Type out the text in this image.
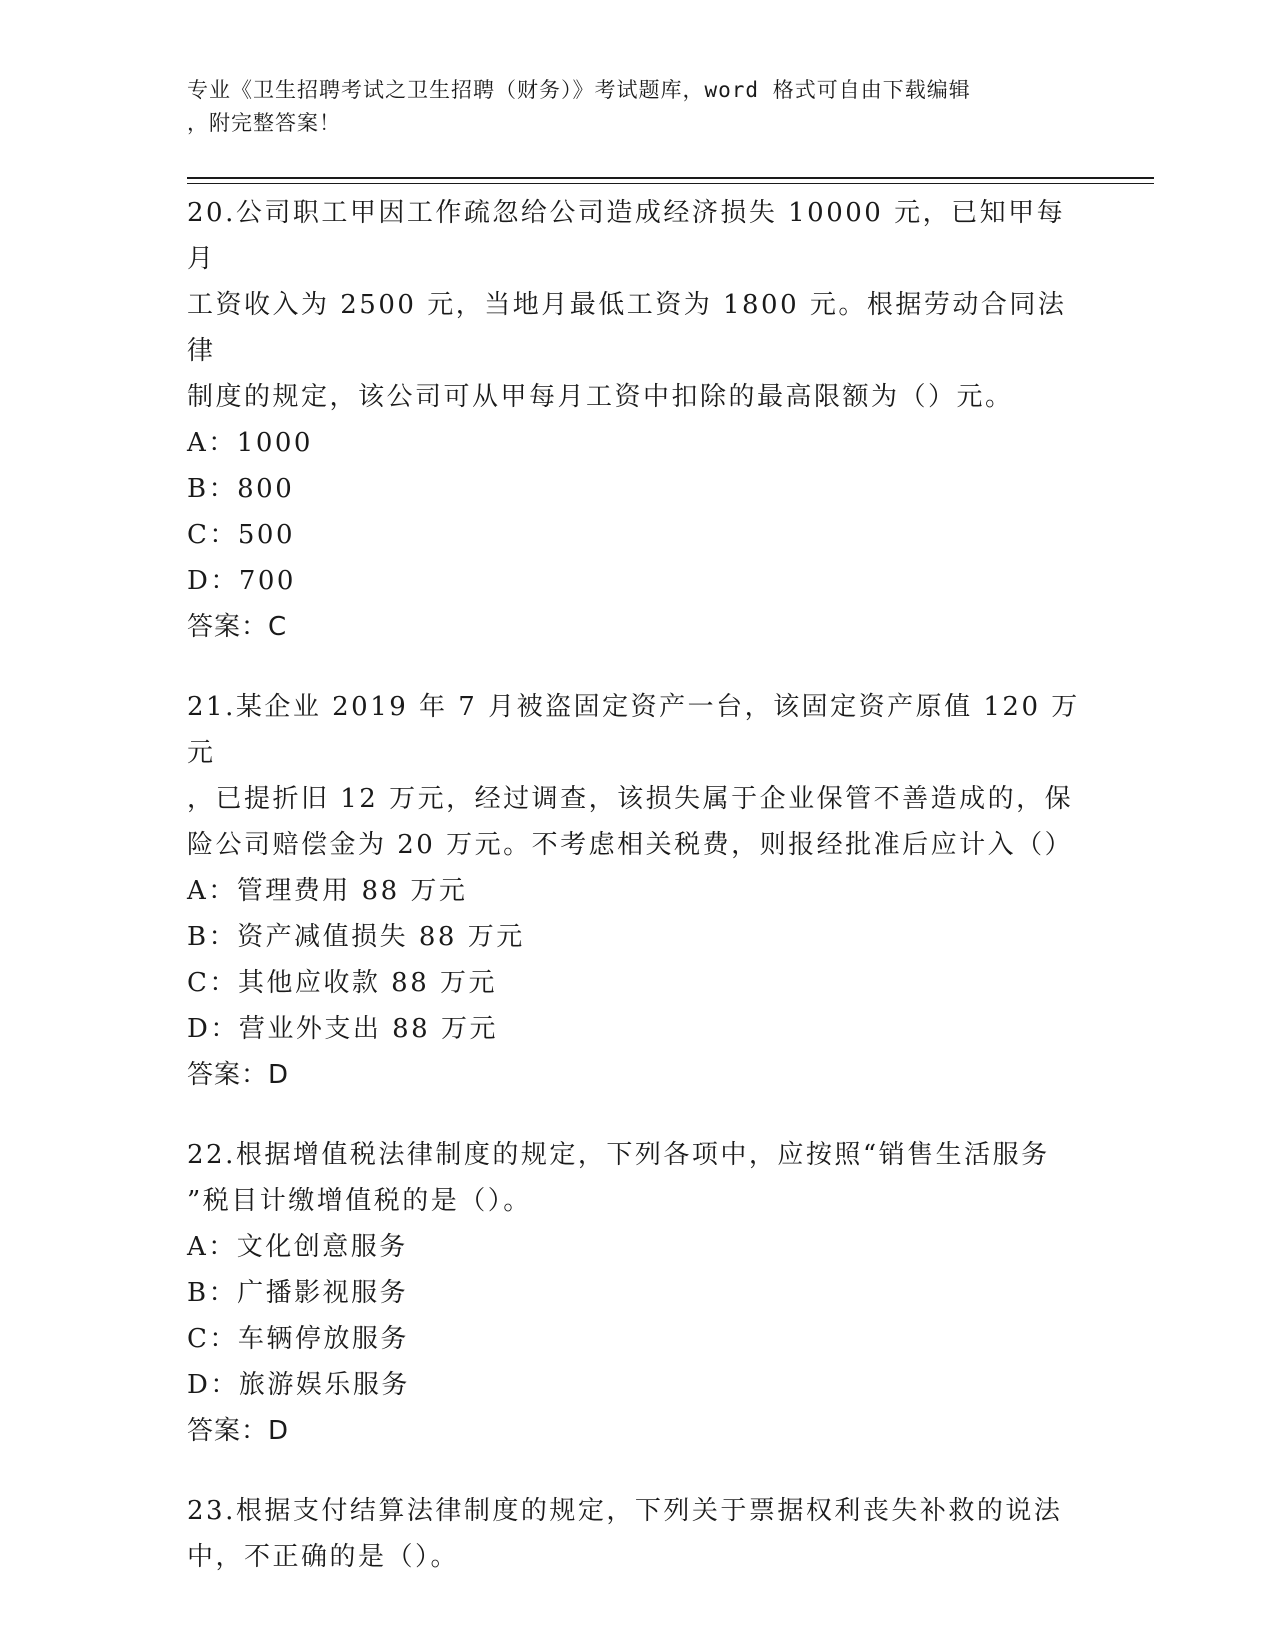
专业《卫生招聘考试之卫生招聘（财务）》考试题库，word 格式可自由下载编辑
，附完整答案！
20.公司职工甲因工作疏忽给公司造成经济损失 10000 元，已知甲每月
工资收入为 2500 元，当地月最低工资为 1800 元。根据劳动合同法律
制度的规定，该公司可从甲每月工资中扣除的最高限额为（）元。
A：1000
B：800
C：500
D：700
答案：C
21.某企业 2019 年 7 月被盗固定资产一台，该固定资产原值 120 万元
，已提折旧 12 万元，经过调查，该损失属于企业保管不善造成的，保
险公司赔偿金为 20 万元。不考虑相关税费，则报经批准后应计入（）
A：管理费用 88 万元
B：资产减值损失 88 万元
C：其他应收款 88 万元
D：营业外支出 88 万元
答案：D
22.根据增值税法律制度的规定，下列各项中，应按照“销售生活服务
”税目计缴增值税的是（）。
A：文化创意服务
B：广播影视服务
C：车辆停放服务
D：旅游娱乐服务
答案：D
23.根据支付结算法律制度的规定，下列关于票据权利丧失补救的说法
中，不正确的是（）。
